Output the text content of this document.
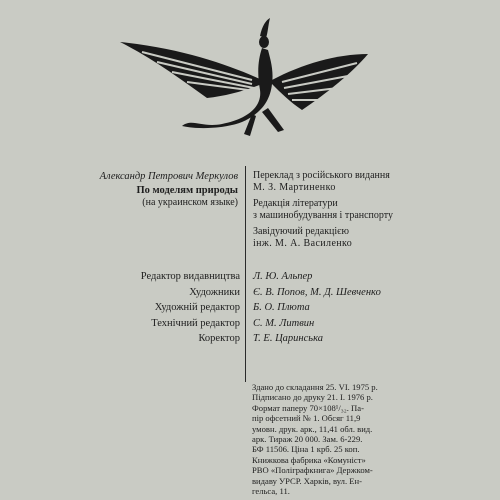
Александр Петрович Меркулов
По моделям природы
(на украинском языке)

Переклад з російського видання
М. З. Мартиненко

Редакція літератури
з машинобудування і транспорту

Завідуючий редакцією
інж. М. А. Василенко

Редактор видавництва Л. Ю. Альпер
Художники Є. В. Попов, М. Д. Шевченко
Художній редактор Б. О. Плюта
Технічний редактор С. М. Литвин
Коректор Т. Е. Царинська

Здано до складання 25. VI. 1975 р.

Підписано до друку 21. I. 1976 р.

Формат паперу 70×108¹/₃₂. Па-

пір офсетний № 1. Обсяг 11,9

умовн. друк. арк., 11,41 обл. вид.

арк. Тираж 20 000. Зам. 6-229.

БФ 11506. Ціна 1 крб. 25 коп.

Книжкова фабрика «Комуніст»

РВО «Поліграфкнига» Держком-

видаву УРСР. Харків, вул. Ен-

гельса, 11.
